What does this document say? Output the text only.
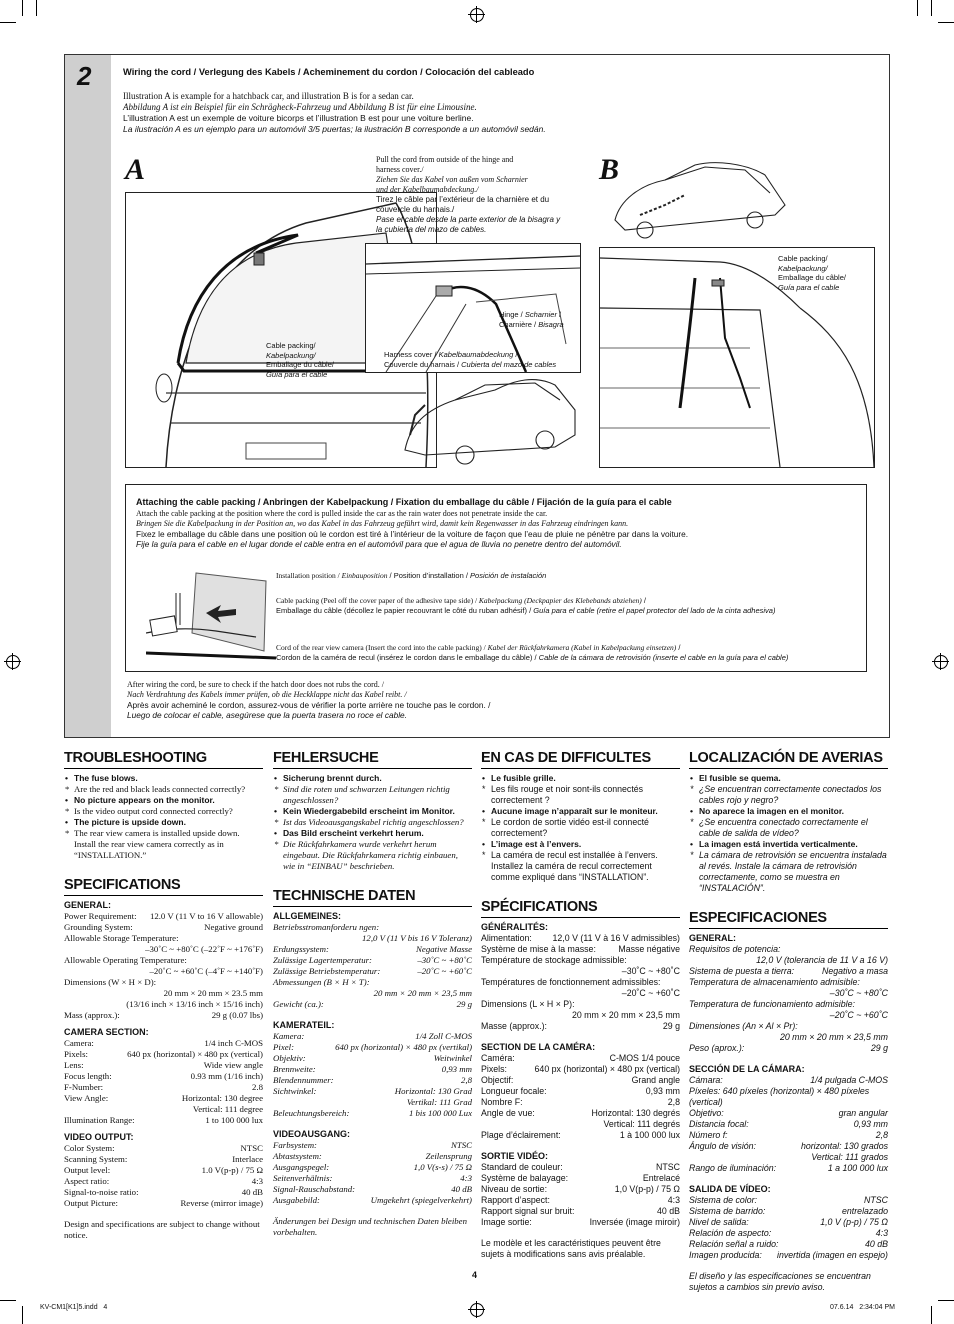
2	Wiring the cord / Verlegung des Kabels / Acheminement du cordon / Colocación del cableado
Illustration A is example for a hatchback car, and illustration B is for a sedan car.
Abbildung A ist ein Beispiel für ein Schrägheck-Fahrzeug und Abbildung B ist für eine Limousine.
L’illustration A est un exemple de voiture bicorps et l’illustration B est pour une voiture berline.
La ilustración A es un ejemplo para un automóvil 3/5 puertas; la ilustración B corresponde a un automóvil sedán.
A	B
Cable packing/
Kabelpackung/
Emballage du câble/
Guía para el cable
Pull the cord from outside of the hinge and
harness cover./
Ziehen Sie das Kabel von außen vom Scharnier
und der Kabelbaumabdeckung./
Tirez le câble par l’extérieur de la charnière et du
couvercle du harnais./
Pase el cable desde la parte exterior de la bisagra y
la cubierta del mazo de cables.
Hinge / Scharnier /
Charnière / Bisagra
Harness cover / Kabelbaumabdeckung /
Couvercle du harnais / Cubierta del mazo de cables
Cable packing/
Kabelpackung/
Emballage du câble/
Guía para el cable
Attaching the cable packing / Anbringen der Kabelpackung / Fixation du emballage du câble / Fijación de la guía para el cable
Attach the cable packing at the position where the cord is pulled inside the car as the rain water does not penetrate inside the car.
Bringen Sie die Kabelpackung in der Position an, wo das Kabel in das Fahrzeug geführt wird, damit kein Regenwasser in das Fahrzeug eindringen kann.
Fixez le emballage du câble dans une position où le cordon est tiré à l’intérieur de la voiture de façon que l’eau de pluie ne pénètre par dans la voiture.
Fije la guía para el cable en el lugar donde el cable entra en el automóvil para que el agua de lluvia no penetre dentro del automóvil.
Installation position / Einbauposition / Position d’installation / Posición de instalación
Cable packing (Peel off the cover paper of the adhesive tape side) / Kabelpackung (Deckpapier des Klebebands abziehen) /
Emballage du câble (décollez le papier recouvrant le côté du ruban adhésif) / Guía para el cable (retire el papel protector del lado de la cinta adhesiva)
Cord of the rear view camera (Insert the cord into the cable packing) / Kabel der Rückfahrkamera (Kabel in Kabelpackung einsetzen) /
Cordon de la caméra de recul (insérez le cordon dans le emballage du câble) / Cable de la cámara de retrovisión (inserte el cable en la guía para el cable)
After wiring the cord, be sure to check if the hatch door does not rubs the cord. /
Nach Verdrahtung des Kabels immer prüfen, ob die Heckklappe nicht das Kabel reibt. /
Après avoir acheminé le cordon, assurez-vous de vérifier la porte arrière ne touche pas le cordon. /
Luego de colocar el cable, asegúrese que la puerta trasera no roce el cable.
TROUBLESHOOTING
• The fuse blows.
* Are the red and black leads connected correctly?
• No picture appears on the monitor.
* Is the video output cord connected correctly?
• The picture is upside down.
* The rear view camera is installed upside down. Install the rear view camera correctly as in “INSTALLATION.”
SPECIFICATIONS
GENERAL:
Power Requirement: 12.0 V (11 V to 16 V allowable)
Grounding System:	Negative ground
Allowable Storage Temperature:
–30˚C ~ +80˚C (–22˚F ~ +176˚F)
Allowable Operating Temperature:
–20˚C ~ +60˚C (–4˚F ~ +140˚F)
Dimensions (W × H × D):
20 mm × 20 mm × 23.5 mm
(13/16 inch × 13/16 inch × 15/16 inch)
Mass (approx.):	29 g (0.07 lbs)
CAMERA SECTION:
Camera:	1/4 inch C-MOS
Pixels:	640 px (horizontal) × 480 px (vertical)
Lens:	Wide view angle
Focus length:	0.93 mm (1/16 inch)
F-Number:	2.8
View Angle:	Horizontal: 130 degree
Vertical: 111 degree
Illumination Range:	1 to 100 000 lux
VIDEO OUTPUT:
Color System:	NTSC
Scanning System:	Interlace
Output level:	1.0 V(p-p) / 75 Ω
Aspect ratio:	4:3
Signal-to-noise ratio:	40 dB
Output Picture:	Reverse (mirror image)
Design and specifications are subject to change without notice.
FEHLERSUCHE
• Sicherung brennt durch.
* Sind die roten und schwarzen Leitungen richtig angeschlossen?
• Kein Wiedergabebild erscheint im Monitor.
* Ist das Videoausgangskabel richtig angeschlossen?
• Das Bild erscheint verkehrt herum.
* Die Rückfahrkamera wurde verkehrt herum eingebaut. Die Rückfahrkamera richtig einbauen, wie in “EINBAU” beschrieben.
TECHNISCHE DATEN
ALLGEMEINES:
Betriebsstromanforderu ngen:
12,0 V (11 V bis 16 V Toleranz)
Erdungssystem:	Negative Masse
Zulässige Lagertemperatur:	–30˚C ~ +80˚C
Zulässige Betriebstemperatur:	–20˚C ~ +60˚C
Abmessungen (B × H × T):
20 mm × 20 mm × 23,5 mm
Gewicht (ca.):	29 g
KAMERATEIL:
Kamera:	1/4 Zoll C-MOS
Pixel:	640 px (horizontal) × 480 px (vertikal)
Objektiv:	Weitwinkel
Brennweite:	0,93 mm
Blendennummer:	2,8
Sichtwinkel:	Horizontal: 130 Grad
Vertikal: 111 Grad
Beleuchtungsbereich:	1 bis 100 000 Lux
VIDEOAUSGANG:
Farbsystem:	NTSC
Abtastsystem:	Zeilensprung
Ausgangspegel:	1,0 V(s-s) / 75 Ω
Seitenverhältnis:	4:3
Signal-Rauschabstand:	40 dB
Ausgabebild:	Umgekehrt (spiegelverkehrt)
Änderungen bei Design und technischen Daten bleiben vorbehalten.
EN CAS DE DIFFICULTES
• Le fusible grille.
* Les fils rouge et noir sont-ils connectés correctement ?
• Aucune image n’apparaît sur le moniteur.
* Le cordon de sortie vidéo est-il connecté correctement?
• L’image est à l’envers.
* La caméra de recul est installée à l’envers. Installez la caméra de recul correctement comme expliqué dans “INSTALLATION”.
SPÉCIFICATIONS
GÉNÉRALITÉS:
Alimentation: 12,0 V (11 V à 16 V admissibles)
Système de mise à la masse:	Masse négative
Température de stockage admissible:
–30˚C ~ +80˚C
Températures de fonctionnement admissibles:
–20˚C ~ +60˚C
Dimensions (L × H × P):
20 mm × 20 mm × 23,5 mm
Masse (approx.):	29 g
SECTION DE LA CAMÉRA:
Caméra:	C-MOS 1/4 pouce
Pixels:	640 px (horizontal) × 480 px (vertical)
Objectif:	Grand angle
Longueur focale:	0,93 mm
Nombre F:	2,8
Angle de vue:	Horizontal: 130 degrés
Vertical: 111 degrés
Plage d’éclairement:	1 à 100 000 lux
SORTIE VIDÉO:
Standard de couleur:	NTSC
Système de balayage:	Entrelacé
Niveau de sortie:	1,0 V(p-p) / 75 Ω
Rapport d’aspect:	4:3
Rapport signal sur bruit:	40 dB
Image sortie:	Inversée (image miroir)
Le modèle et les caractéristiques peuvent être sujets à modifications sans avis préalable.
LOCALIZACIÓN DE AVERIAS
• El fusible se quema.
* ¿Se encuentran correctamente conectados los cables rojo y negro?
• No aparece la imagen en el monitor.
* ¿Se encuentra conectado correctamente el cable de salida de vídeo?
• La imagen está invertida verticalmente.
* La cámara de retrovisión se encuentra instalada al revés. Instale la cámara de retrovisión correctamente, como se muestra en “INSTALACIÓN”.
ESPECIFICACIONES
GENERAL:
Requisitos de potencia:
12,0 V (tolerancia de 11 V a 16 V)
Sistema de puesta a tierra:	Negativo a masa
Temperatura de almacenamiento admisible:
–30˚C ~ +80˚C
Temperatura de funcionamiento admisible:
–20˚C ~ +60˚C
Dimensiones (An × Al × Pr):
20 mm × 20 mm × 23,5 mm
Peso (aprox.):	29 g
SECCIÓN DE LA CÁMARA:
Cámara:	1/4 pulgada C-MOS
Píxeles: 640 píxeles (horizontal) × 480 píxeles (vertical)
Objetivo:	gran angular
Distancia focal:	0,93 mm
Número f:	2,8
Ángulo de visión:	horizontal: 130 grados
Vertical: 111 grados
Rango de iluminación:	1 a 100 000 lux
SALIDA DE VÍDEO:
Sistema de color:	NTSC
Sistema de barrido:	entrelazado
Nivel de salida:	1,0 V (p-p) / 75 Ω
Relación de aspecto:	4:3
Relación señal a ruido:	40 dB
Imagen producida: invertida (imagen en espejo)
El diseño y las especificaciones se encuentran sujetos a cambios sin previo aviso.
4
KV-CM1[K1]5.indd   4	07.6.14   2:34:04 PM
